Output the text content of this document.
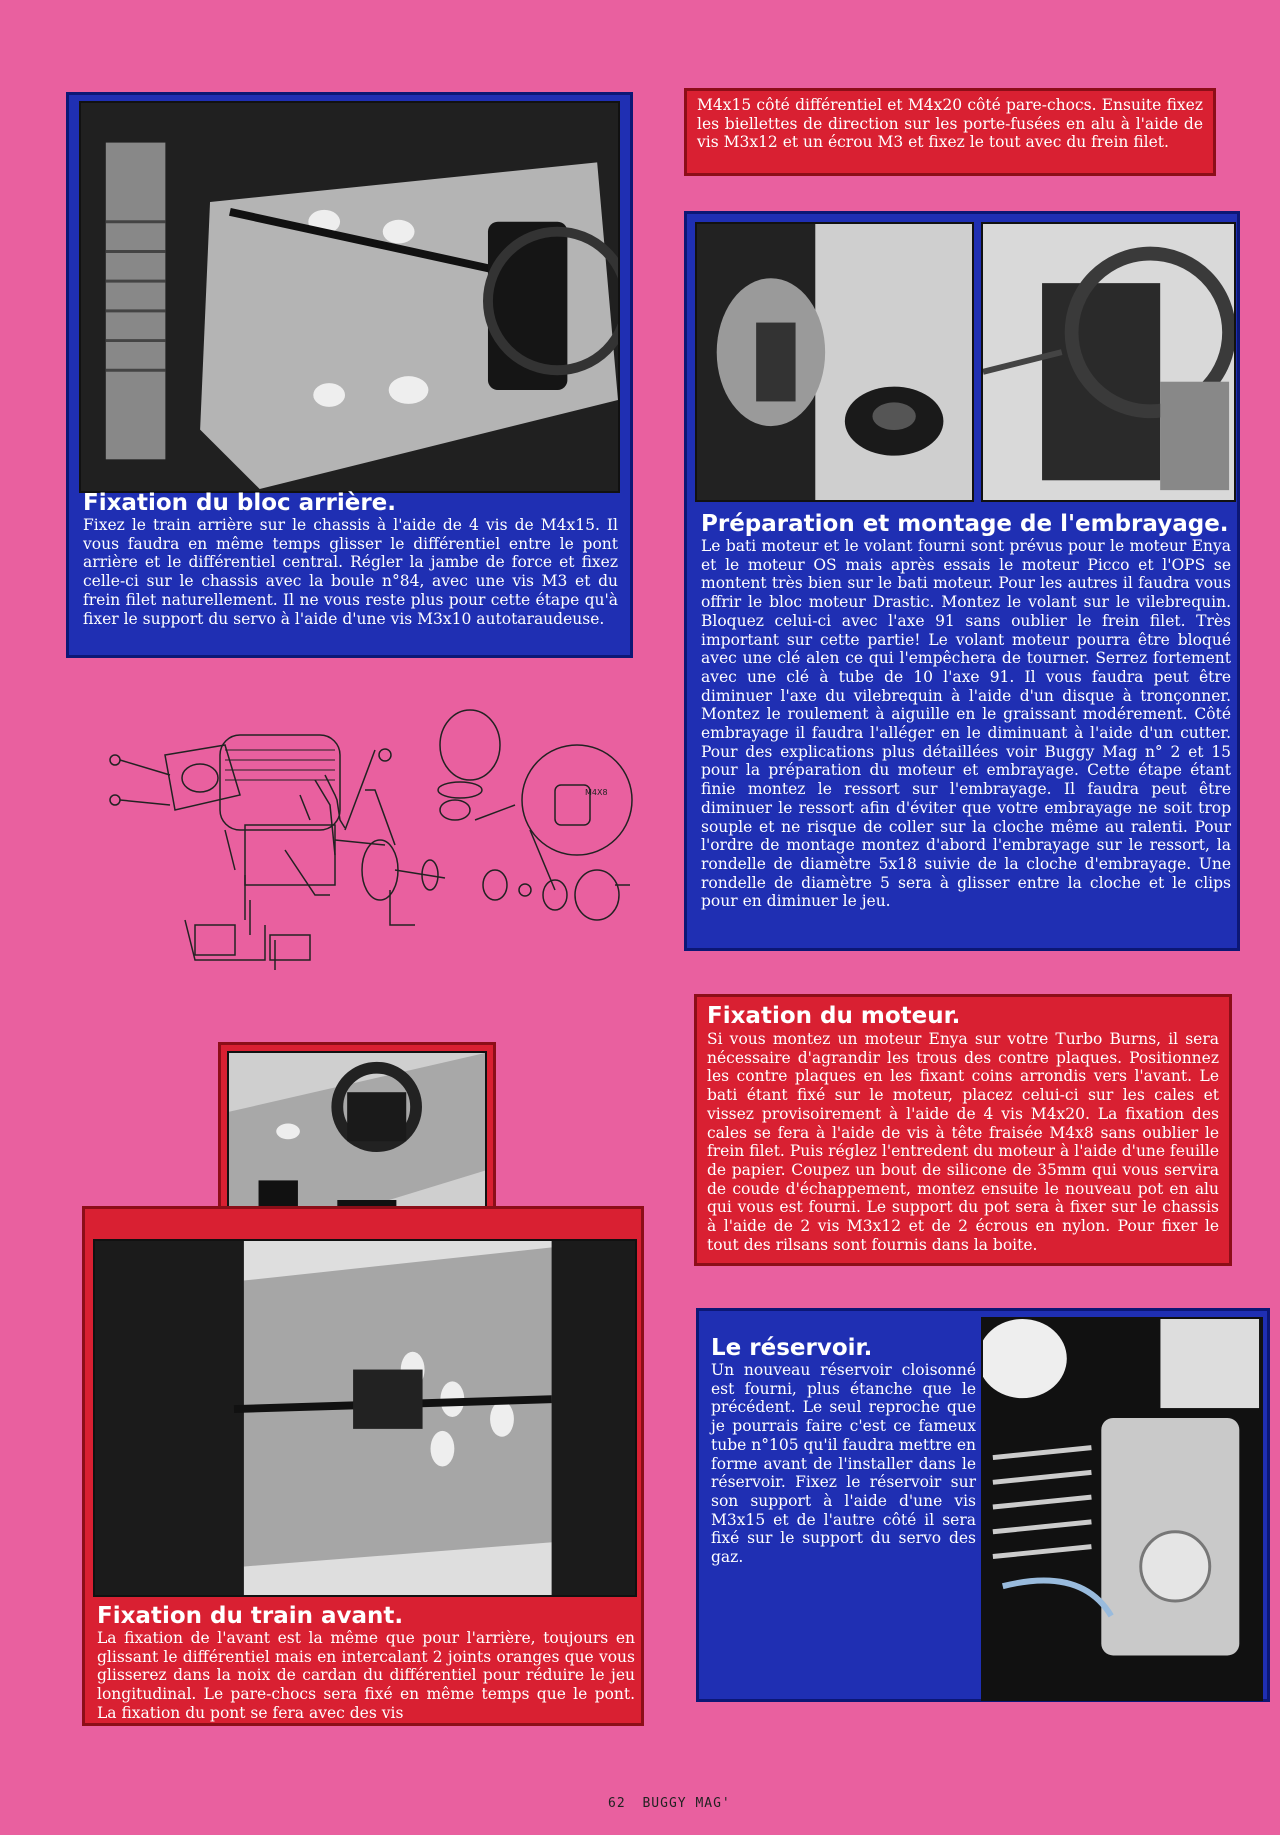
Fixation du bloc arrière.
Fixez le train arrière sur le chassis à l'aide de 4 vis de M4x15. Il vous faudra en même temps glisser le différentiel entre le pont arrière et le différentiel central. Régler la jambe de force et fixez celle-ci sur le chassis avec la boule n°84, avec une vis M3 et du frein filet naturellement. Il ne vous reste plus pour cette étape qu'à fixer le support du servo à l'aide d'une vis M3x10 autotaraudeuse.
M4x15 côté différentiel et M4x20 côté pare-chocs. Ensuite fixez les biellettes de direction sur les porte-fusées en alu à l'aide de vis M3x12 et un écrou M3 et fixez le tout avec du frein filet.
Préparation et montage de l'embrayage.
Le bati moteur et le volant fourni sont prévus pour le moteur Enya et le moteur OS mais après essais le moteur Picco et l'OPS se montent très bien sur le bati moteur. Pour les autres il faudra vous offrir le bloc moteur Drastic. Montez le volant sur le vilebrequin. Bloquez celui-ci avec l'axe 91 sans oublier le frein filet. Très important sur cette partie! Le volant moteur pourra être bloqué avec une clé alen ce qui l'empêchera de tourner. Serrez fortement avec une clé à tube de 10 l'axe 91. Il vous faudra peut être diminuer l'axe du vilebrequin à l'aide d'un disque à tronçonner. Montez le roulement à aiguille en le graissant modérement. Côté embrayage il faudra l'alléger en le diminuant à l'aide d'un cutter. Pour des explications plus détaillées voir Buggy Mag n° 2 et 15 pour la préparation du moteur et embrayage. Cette étape étant finie montez le ressort sur l'embrayage. Il faudra peut être diminuer le ressort afin d'éviter que votre embrayage ne soit trop souple et ne risque de coller sur la cloche même au ralenti. Pour l'ordre de montage montez d'abord l'embrayage sur le ressort, la rondelle de diamètre 5x18 suivie de la cloche d'embrayage. Une rondelle de diamètre 5 sera à glisser entre la cloche et le clips pour en diminuer le jeu.
M4X8
Fixation du moteur.
Si vous montez un moteur Enya sur votre Turbo Burns, il sera nécessaire d'agrandir les trous des contre plaques. Positionnez les contre plaques en les fixant coins arrondis vers l'avant. Le bati étant fixé sur le moteur, placez celui-ci sur les cales et vissez provisoirement à l'aide de 4 vis M4x20. La fixation des cales se fera à l'aide de vis à tête fraisée M4x8 sans oublier le frein filet. Puis réglez l'entredent du moteur à l'aide d'une feuille de papier. Coupez un bout de silicone de 35mm qui vous servira de coude d'échappement, montez ensuite le nouveau pot en alu qui vous est fourni. Le support du pot sera à fixer sur le chassis à l'aide de 2 vis M3x12 et de 2 écrous en nylon. Pour fixer le tout des rilsans sont fournis dans la boite.
Le réservoir.
Un nouveau réservoir cloisonné est fourni, plus étanche que le précédent. Le seul reproche que je pourrais faire c'est ce fameux tube n°105 qu'il faudra mettre en forme avant de l'installer dans le réservoir. Fixez le réservoir sur son support à l'aide d'une vis M3x15 et de l'autre côté il sera fixé sur le support du servo des gaz.
Fixation du train avant.
La fixation de l'avant est la même que pour l'arrière, toujours en glissant le différentiel mais en intercalant 2 joints oranges que vous glisserez dans la noix de cardan du différentiel pour réduire le jeu longitudinal. Le pare-chocs sera fixé en même temps que le pont. La fixation du pont se fera avec des vis
62 BUGGY MAG'
